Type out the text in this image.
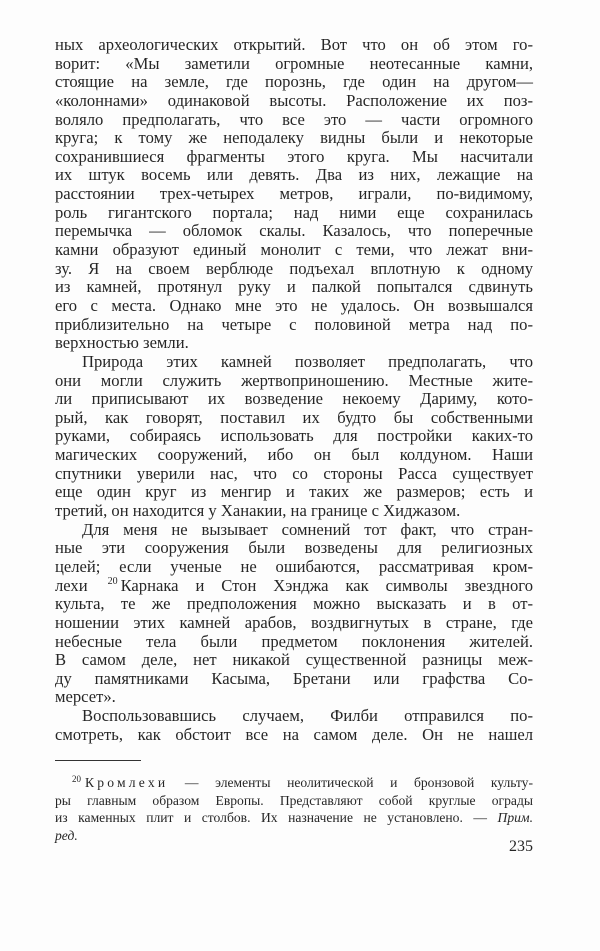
ных археологических открытий. Вот что он об этом го-
ворит: «Мы заметили огромные неотесанные камни,
стоящие на земле, где порознь, где один на другом—
«колоннами» одинаковой высоты. Расположение их поз-
воляло предполагать, что все это — части огромного
круга; к тому же неподалеку видны были и некоторые
сохранившиеся фрагменты этого круга. Мы насчитали
их штук восемь или девять. Два из них, лежащие на
расстоянии трех-четырех метров, играли, по-видимому,
роль гигантского портала; над ними еще сохранилась
перемычка — обломок скалы. Казалось, что поперечные
камни образуют единый монолит с теми, что лежат вни-
зу. Я на своем верблюде подъехал вплотную к одному
из камней, протянул руку и палкой попытался сдвинуть
его с места. Однако мне это не удалось. Он возвышался
приблизительно на четыре с половиной метра над по-
верхностью земли.
Природа этих камней позволяет предполагать, что
они могли служить жертвоприношению. Местные жите-
ли приписывают их возведение некоему Дариму, кото-
рый, как говорят, поставил их будто бы собственными
руками, собираясь использовать для постройки каких-то
магических сооружений, ибо он был колдуном. Наши
спутники уверили нас, что со стороны Расса существует
еще один круг из менгир и таких же размеров; есть и
третий, он находится у Ханакии, на границе с Хиджазом.
Для меня не вызывает сомнений тот факт, что стран-
ные эти сооружения были возведены для религиозных
целей; если ученые не ошибаются, рассматривая кром-
лехи $^{20}$ Карнака и Стон Хэнджа как символы звездного
культа, те же предположения можно высказать и в от-
ношении этих камней арабов, воздвигнутых в стране, где
небесные тела были предметом поклонения жителей.
В самом деле, нет никакой существенной разницы меж-
ду памятниками Касыма, Бретани или графства Со-
мерсет».
Воспользовавшись случаем, Филби отправился по-
смотреть, как обстоит все на самом деле. Он не нашел
$^{20}$ Кромлехи — элементы неолитической и бронзовой культу-
ры главным образом Европы. Представляют собой круглые ограды
из каменных плит и столбов. Их назначение не установлено. — Прим.
ред.
235
